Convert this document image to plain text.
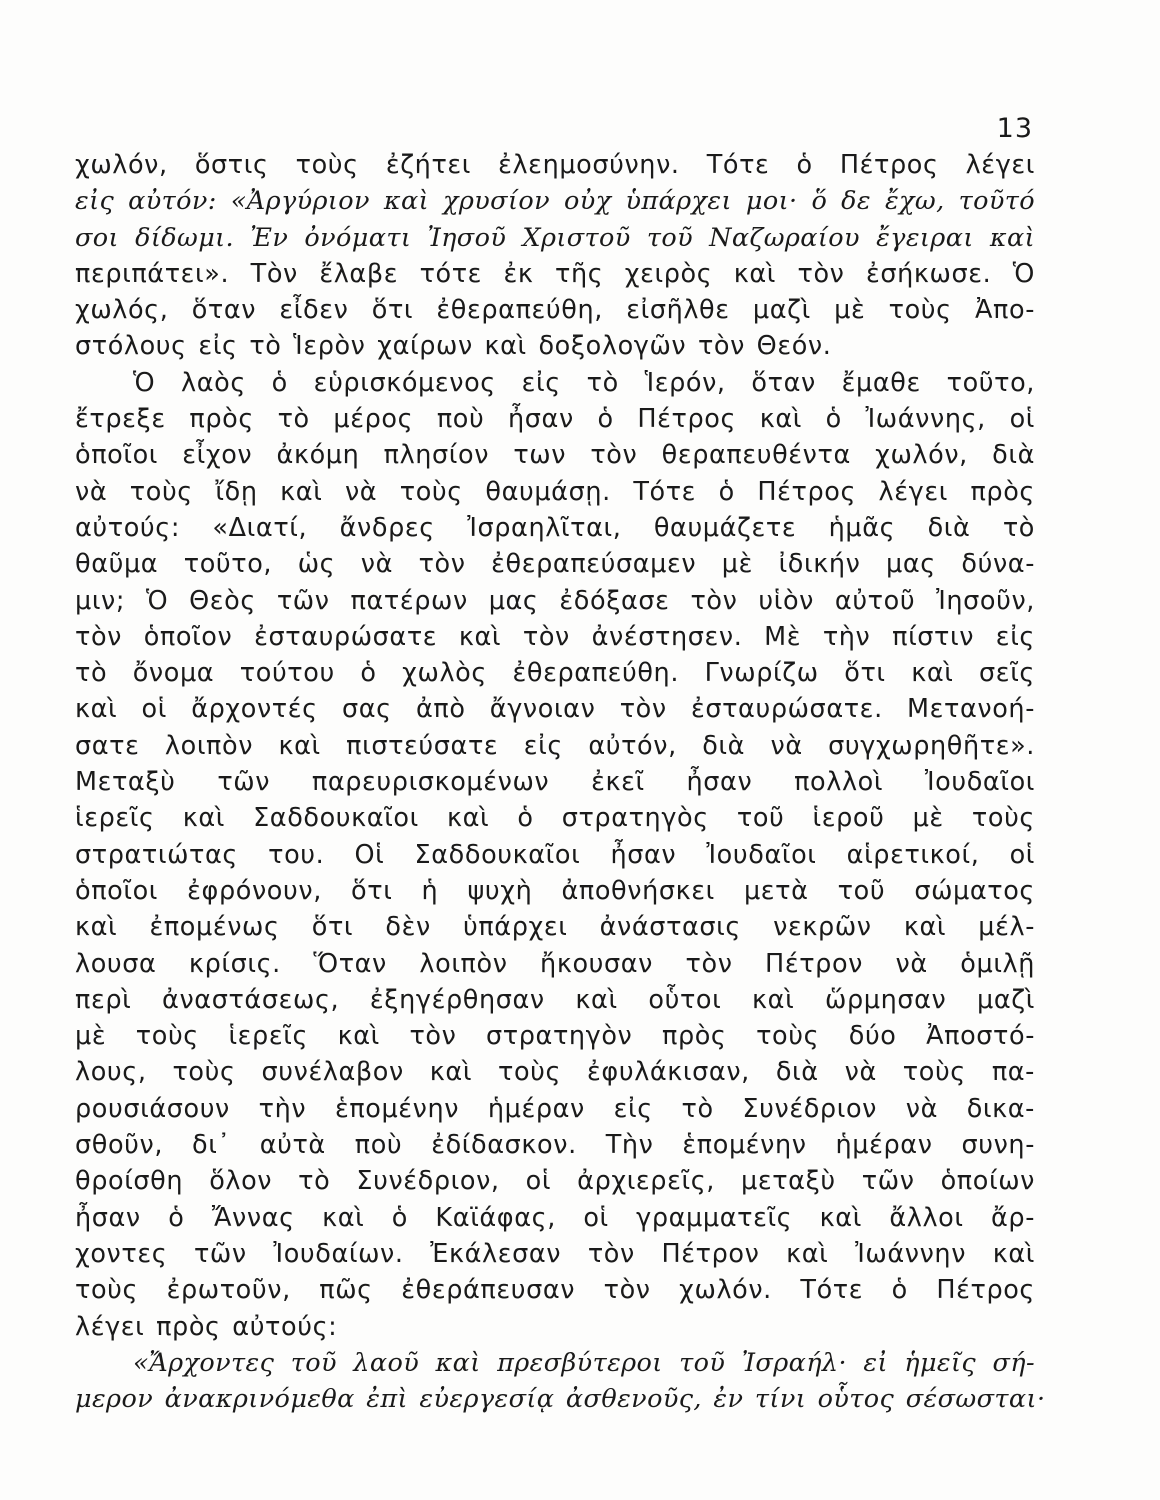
13
χωλόν, ὅστις τοὺς ἐζήτει ἐλεημοσύνην. Τότε ὁ Πέτρος λέγει
εἰς αὐτόν: «Ἀργύριον καὶ χρυσίον οὐχ ὑπάρχει μοι· ὅ δε ἔχω, τοῦτό
σοι δίδωμι. Ἐν ὀνόματι Ἰησοῦ Χριστοῦ τοῦ Ναζωραίου ἔγειραι καὶ
περιπάτει». Τὸν ἔλαβε τότε ἐκ τῆς χειρὸς καὶ τὸν ἐσήκωσε. Ὁ
χωλός, ὅταν εἶδεν ὅτι ἐθεραπεύθη, εἰσῆλθε μαζὶ μὲ τοὺς Ἀπο-
στόλους εἰς τὸ Ἱερὸν χαίρων καὶ δοξολογῶν τὸν Θεόν.
Ὁ λαὸς ὁ εὑρισκόμενος εἰς τὸ Ἱερόν, ὅταν ἔμαθε τοῦτο,
ἔτρεξε πρὸς τὸ μέρος ποὺ ἦσαν ὁ Πέτρος καὶ ὁ Ἰωάννης, οἱ
ὁποῖοι εἶχον ἀκόμη πλησίον των τὸν θεραπευθέντα χωλόν, διὰ
νὰ τοὺς ἴδῃ καὶ νὰ τοὺς θαυμάσῃ. Τότε ὁ Πέτρος λέγει πρὸς
αὐτούς: «Διατί, ἄνδρες Ἰσραηλῖται, θαυμάζετε ἡμᾶς διὰ τὸ
θαῦμα τοῦτο, ὡς νὰ τὸν ἐθεραπεύσαμεν μὲ ἰδικήν μας δύνα-
μιν; Ὁ Θεὸς τῶν πατέρων μας ἐδόξασε τὸν υἱὸν αὐτοῦ Ἰησοῦν,
τὸν ὁποῖον ἐσταυρώσατε καὶ τὸν ἀνέστησεν. Μὲ τὴν πίστιν εἰς
τὸ ὄνομα τούτου ὁ χωλὸς ἐθεραπεύθη. Γνωρίζω ὅτι καὶ σεῖς
καὶ οἱ ἄρχοντές σας ἀπὸ ἄγνοιαν τὸν ἐσταυρώσατε. Μετανοή-
σατε λοιπὸν καὶ πιστεύσατε εἰς αὐτόν, διὰ νὰ συγχωρηθῆτε».
Μεταξὺ τῶν παρευρισκομένων ἐκεῖ ἦσαν πολλοὶ Ἰουδαῖοι
ἱερεῖς καὶ Σαδδουκαῖοι καὶ ὁ στρατηγὸς τοῦ ἱεροῦ μὲ τοὺς
στρατιώτας του. Οἱ Σαδδουκαῖοι ἦσαν Ἰουδαῖοι αἱρετικοί, οἱ
ὁποῖοι ἐφρόνουν, ὅτι ἡ ψυχὴ ἀποθνήσκει μετὰ τοῦ σώματος
καὶ ἐπομένως ὅτι δὲν ὑπάρχει ἀνάστασις νεκρῶν καὶ μέλ-
λουσα κρίσις. Ὅταν λοιπὸν ἤκουσαν τὸν Πέτρον νὰ ὁμιλῇ
περὶ ἀναστάσεως, ἐξηγέρθησαν καὶ οὗτοι καὶ ὥρμησαν μαζὶ
μὲ τοὺς ἱερεῖς καὶ τὸν στρατηγὸν πρὸς τοὺς δύο Ἀποστό-
λους, τοὺς συνέλαβον καὶ τοὺς ἐφυλάκισαν, διὰ νὰ τοὺς πα-
ρουσιάσουν τὴν ἑπομένην ἡμέραν εἰς τὸ Συνέδριον νὰ δικα-
σθοῦν, δι᾿ αὐτὰ ποὺ ἐδίδασκον. Τὴν ἑπομένην ἡμέραν συνη-
θροίσθη ὅλον τὸ Συνέδριον, οἱ ἀρχιερεῖς, μεταξὺ τῶν ὁποίων
ἦσαν ὁ Ἄννας καὶ ὁ Καϊάφας, οἱ γραμματεῖς καὶ ἄλλοι ἄρ-
χοντες τῶν Ἰουδαίων. Ἐκάλεσαν τὸν Πέτρον καὶ Ἰωάννην καὶ
τοὺς ἐρωτοῦν, πῶς ἐθεράπευσαν τὸν χωλόν. Τότε ὁ Πέτρος
λέγει πρὸς αὐτούς:
«Ἄρχοντες τοῦ λαοῦ καὶ πρεσβύτεροι τοῦ Ἰσραήλ· εἰ ἡμεῖς σή-
μερον ἀνακρινόμεθα ἐπὶ εὐεργεσίᾳ ἀσθενοῦς, ἐν τίνι οὗτος σέσωσται·
